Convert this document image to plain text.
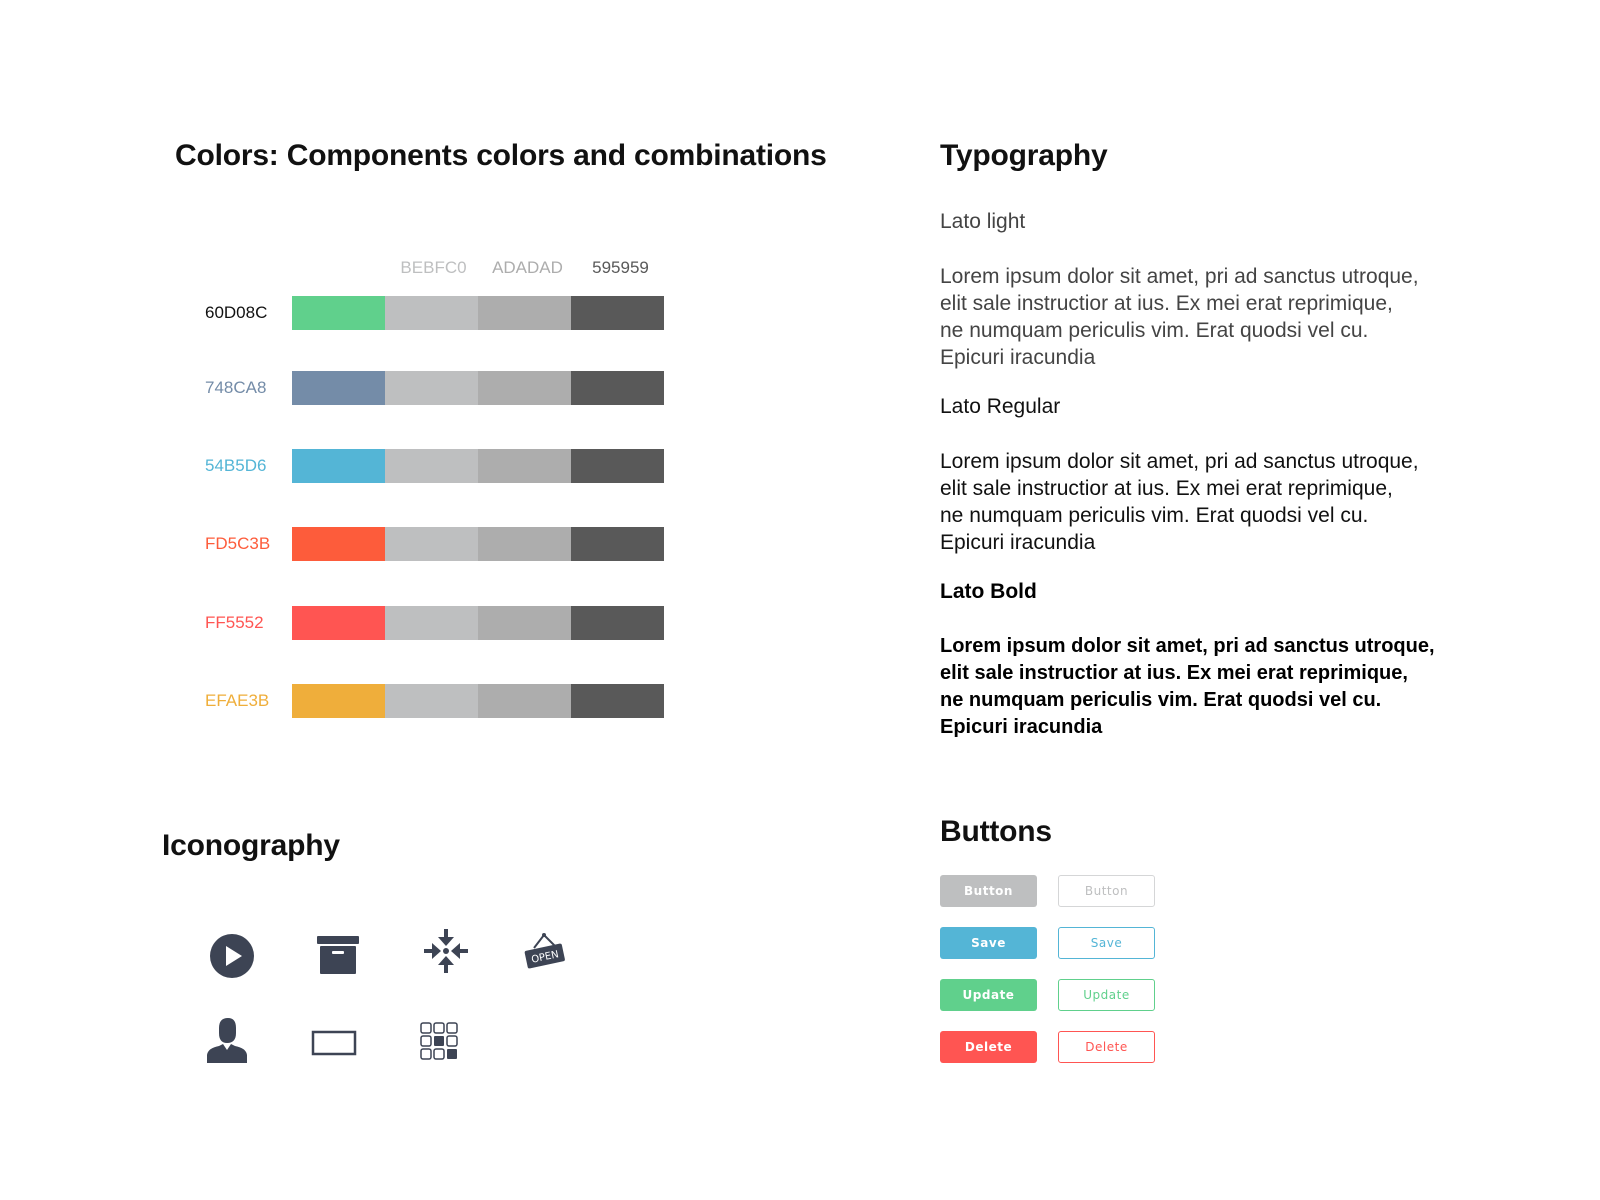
Colors: Components colors and combinations
BEBFC0	ADADAD	595959
60D08C
748CA8
54B5D6
FD5C3B
FF5552
EFAE3B
Typography
Lato light

Lorem ipsum dolor sit amet, pri ad sanctus utroque,
elit sale instructior at ius. Ex mei erat reprimique,
ne numquam periculis vim. Erat quodsi vel cu.
Epicuri iracundia

Lato Regular

Lorem ipsum dolor sit amet, pri ad sanctus utroque,
elit sale instructior at ius. Ex mei erat reprimique,
ne numquam periculis vim. Erat quodsi vel cu.
Epicuri iracundia

Lato Bold

Lorem ipsum dolor sit amet, pri ad sanctus utroque,
elit sale instructior at ius. Ex mei erat reprimique,
ne numquam periculis vim. Erat quodsi vel cu.
Epicuri iracundia

Iconography
OPEN
Buttons
Button	Button
Save	Save
Update	Update
Delete	Delete
